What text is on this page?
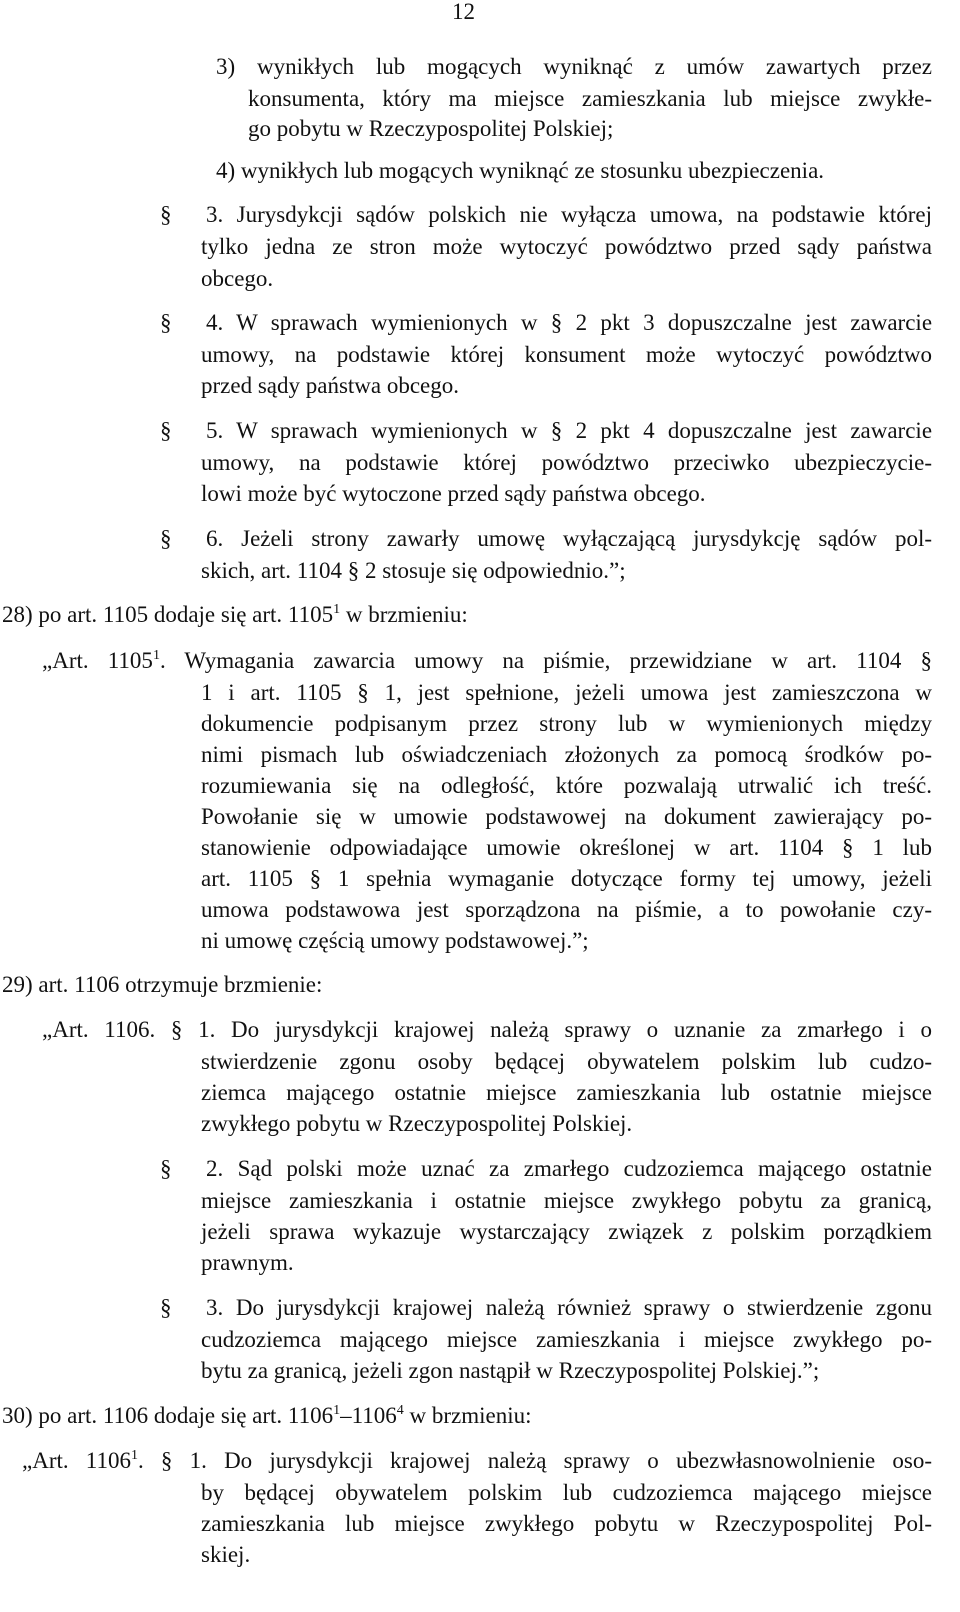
12
3) wynikłych lub mogących wyniknąć z umów zawartych przez
konsumenta, który ma miejsce zamieszkania lub miejsce zwykłe-
go pobytu w Rzeczypospolitej Polskiej;
4) wynikłych lub mogących wyniknąć ze stosunku ubezpieczenia.
§ 3. Jurysdykcji sądów polskich nie wyłącza umowa, na podstawie której
tylko jedna ze stron może wytoczyć powództwo przed sądy państwa
obcego.
§ 4. W sprawach wymienionych w § 2 pkt 3 dopuszczalne jest zawarcie
umowy, na podstawie której konsument może wytoczyć powództwo
przed sądy państwa obcego.
§ 5. W sprawach wymienionych w § 2 pkt 4 dopuszczalne jest zawarcie
umowy, na podstawie której powództwo przeciwko ubezpieczycie-
lowi może być wytoczone przed sądy państwa obcego.
§ 6. Jeżeli strony zawarły umowę wyłączającą jurysdykcję sądów pol-
skich, art. 1104 § 2 stosuje się odpowiednio.”;
28) po art. 1105 dodaje się art. 1105$^1$ w brzmieniu:
„Art. 1105$^1$. Wymagania zawarcia umowy na piśmie, przewidziane w art. 1104 §
1 i art. 1105 § 1, jest spełnione, jeżeli umowa jest zamieszczona w
dokumencie podpisanym przez strony lub w wymienionych między
nimi pismach lub oświadczeniach złożonych za pomocą środków po-
rozumiewania się na odległość, które pozwalają utrwalić ich treść.
Powołanie się w umowie podstawowej na dokument zawierający po-
stanowienie odpowiadające umowie określonej w art. 1104 § 1 lub
art. 1105 § 1 spełnia wymaganie dotyczące formy tej umowy, jeżeli
umowa podstawowa jest sporządzona na piśmie, a to powołanie czy-
ni umowę częścią umowy podstawowej.”;
29) art. 1106 otrzymuje brzmienie:
„Art. 1106. § 1. Do jurysdykcji krajowej należą sprawy o uznanie za zmarłego i o
stwierdzenie zgonu osoby będącej obywatelem polskim lub cudzo-
ziemca mającego ostatnie miejsce zamieszkania lub ostatnie miejsce
zwykłego pobytu w Rzeczypospolitej Polskiej.
§ 2. Sąd polski może uznać za zmarłego cudzoziemca mającego ostatnie
miejsce zamieszkania i ostatnie miejsce zwykłego pobytu za granicą,
jeżeli sprawa wykazuje wystarczający związek z polskim porządkiem
prawnym.
§ 3. Do jurysdykcji krajowej należą również sprawy o stwierdzenie zgonu
cudzoziemca mającego miejsce zamieszkania i miejsce zwykłego po-
bytu za granicą, jeżeli zgon nastąpił w Rzeczypospolitej Polskiej.”;
30) po art. 1106 dodaje się art. 1106$^1$–1106$^4$ w brzmieniu:
„Art. 1106$^1$. § 1. Do jurysdykcji krajowej należą sprawy o ubezwłasnowolnienie oso-
by będącej obywatelem polskim lub cudzoziemca mającego miejsce
zamieszkania lub miejsce zwykłego pobytu w Rzeczypospolitej Pol-
skiej.
